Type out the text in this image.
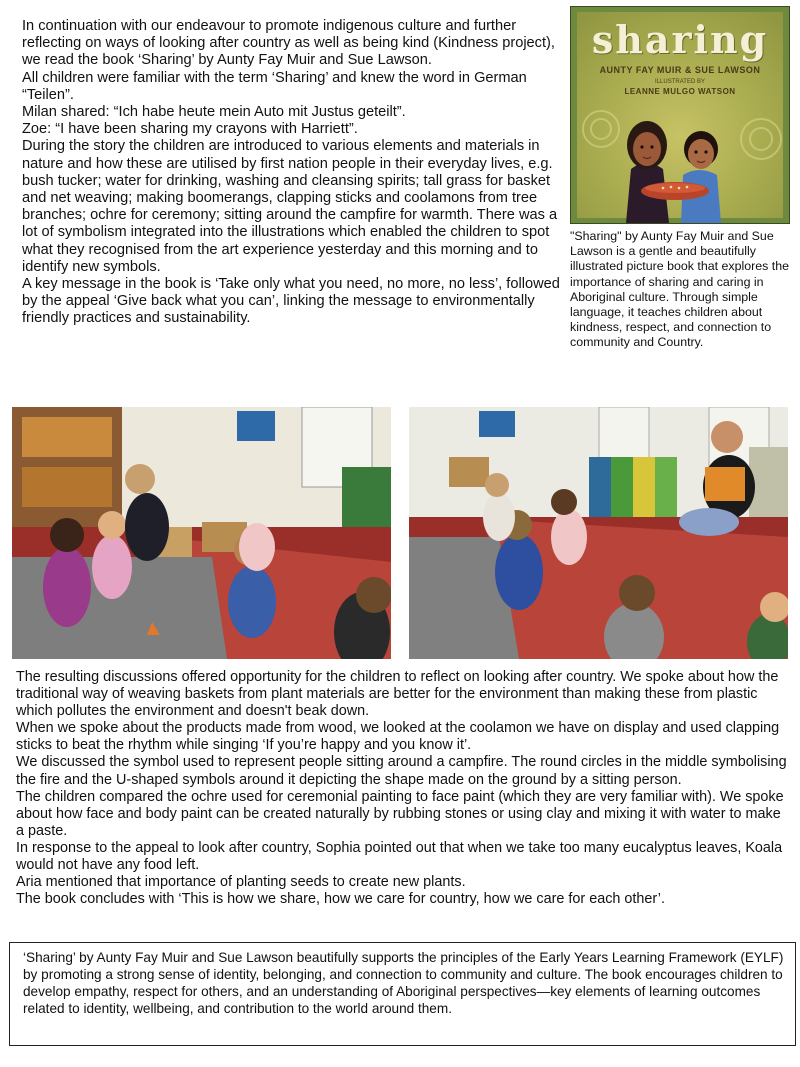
In continuation with our endeavour to promote indigenous culture and further reflecting on ways of looking after country as well as being kind (Kindness project), we read the book ‘Sharing’ by Aunty Fay Muir and Sue Lawson.

All children were familiar with the term ‘Sharing’ and knew the word in German “Teilen”.

Milan shared: “Ich habe heute mein Auto mit Justus geteilt”.

Zoe: “I have been sharing my crayons with Harriett”.

During the story the children are introduced to various elements and materials in nature and how these are utilised by first nation people in their everyday lives, e.g. bush tucker; water for drinking, washing and cleansing spirits; tall grass for basket and net weaving; making boomerangs, clapping sticks and coolamons from tree branches; ochre for ceremony; sitting around the campfire for warmth. There was a lot of symbolism integrated into the illustrations which enabled the children to spot what they recognised from the art experience yesterday and this morning and to identify new symbols.

A key message in the book is ‘Take only what you need, no more, no less’, followed by the appeal ‘Give back what you can’, linking the message to environmentally friendly practices and sustainability.

sharing
AUNTY FAY MUIR & SUE LAWSON
ILLUSTRATED BY
LEANNE MULGO WATSON
"Sharing" by Aunty Fay Muir and Sue Lawson is a gentle and beautifully illustrated picture book that explores the importance of sharing and caring in Aboriginal culture. Through simple language, it teaches children about kindness, respect, and connection to community and Country.

The resulting discussions offered opportunity for the children to reflect on looking after country. We spoke about how the traditional way of weaving baskets from plant materials are better for the environment than making these from plastic which pollutes the environment and doesn't beak down.

When we spoke about the products made from wood, we looked at the coolamon we have on display and used clapping sticks to beat the rhythm while singing ‘If you’re happy and you know it’.

We discussed the symbol used to represent people sitting around a campfire. The round circles in the middle symbolising the fire and the U-shaped symbols around it depicting the shape made on the ground by a sitting person.

The children compared the ochre used for ceremonial painting to face paint (which they are very familiar with). We spoke about how face and body paint can be created naturally by rubbing stones or using clay and mixing it with water to make a paste.

In response to the appeal to look after country, Sophia pointed out that when we take too many eucalyptus leaves, Koala would not have any food left.

Aria mentioned that importance of planting seeds to create new plants.

The book concludes with ‘This is how we share, how we care for country, how we care for each other’.

‘Sharing’ by Aunty Fay Muir and Sue Lawson beautifully supports the principles of the Early Years Learning Framework (EYLF) by promoting a strong sense of identity, belonging, and connection to community and culture. The book encourages children to develop empathy, respect for others, and an understanding of Aboriginal perspectives—key elements of learning outcomes related to identity, wellbeing, and contribution to the world around them.
